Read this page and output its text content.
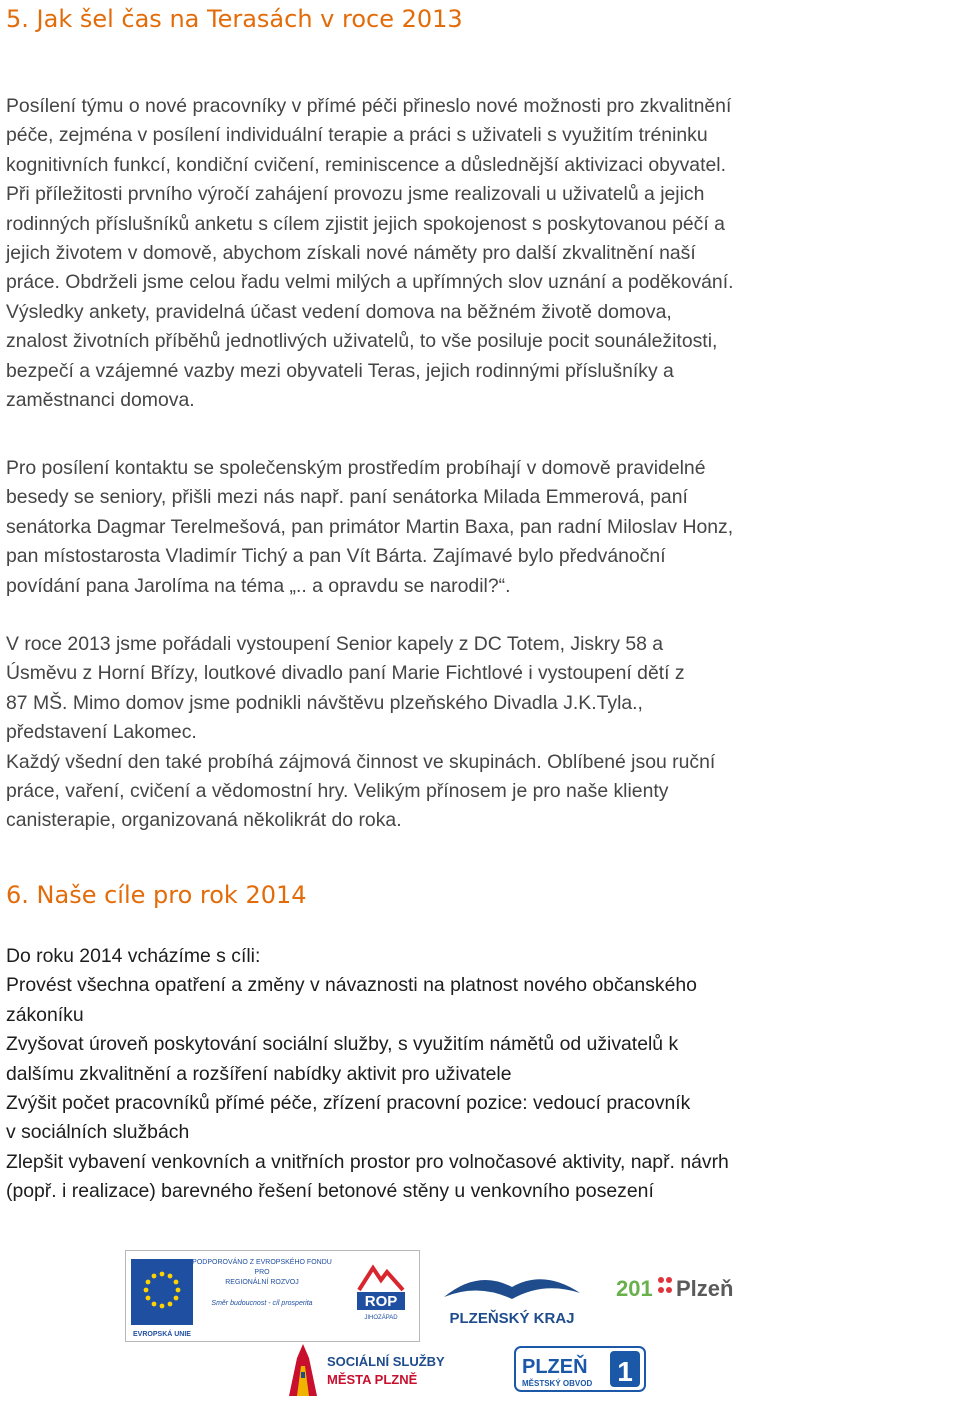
5. Jak šel čas na Terasách v roce 2013
Posílení týmu o nové pracovníky v přímé péči přineslo nové možnosti pro zkvalitnění
péče, zejména v posílení individuální terapie a práci s uživateli s využitím tréninku
kognitivních funkcí, kondiční cvičení, reminiscence a důslednější aktivizaci obyvatel.
Při příležitosti prvního výročí zahájení provozu jsme realizovali u uživatelů a jejich
rodinných příslušníků anketu s cílem zjistit jejich spokojenost s poskytovanou péčí a
jejich životem v domově, abychom získali nové náměty pro další zkvalitnění naší
práce. Obdrželi jsme celou řadu velmi milých a upřímných slov uznání a poděkování.
Výsledky ankety, pravidelná účast vedení domova na běžném životě domova,
znalost životních příběhů jednotlivých uživatelů, to vše posiluje pocit sounáležitosti,
bezpečí a vzájemné vazby mezi obyvateli Teras, jejich rodinnými příslušníky a
zaměstnanci domova.
Pro posílení kontaktu se společenským prostředím probíhají v domově pravidelné
besedy se seniory, přišli mezi nás např. paní senátorka Milada Emmerová, paní
senátorka Dagmar Terelmešová, pan primátor Martin Baxa, pan radní Miloslav Honz,
pan místostarosta Vladimír Tichý a pan Vít Bárta. Zajímavé bylo předvánoční
povídání pana Jarolíma na téma „.. a opravdu se narodil?“.
V roce 2013 jsme pořádali vystoupení Senior kapely z DC Totem, Jiskry 58 a
Úsměvu z Horní Břízy, loutkové divadlo paní Marie Fichtlové i vystoupení dětí z
87 MŠ. Mimo domov jsme podnikli návštěvu plzeňského Divadla J.K.Tyla.,
představení Lakomec.
Každý všední den také probíhá zájmová činnost ve skupinách. Oblíbené jsou ruční
práce, vaření, cvičení a vědomostní hry. Velikým přínosem je pro naše klienty
canisterapie, organizovaná několikrát do roka.
6. Naše cíle pro rok 2014
Do roku 2014 vcházíme s cíli:
Provést všechna opatření a změny v návaznosti na platnost nového občanského
zákoníku
Zvyšovat úroveň poskytování sociální služby, s využitím námětů od uživatelů k
dalšímu zkvalitnění a rozšíření nabídky aktivit pro uživatele
Zvýšit počet pracovníků přímé péče, zřízení pracovní pozice: vedoucí pracovník
v sociálních službách
Zlepšit vybavení venkovních a vnitřních prostor pro volnočasové aktivity, např. návrh
(popř. i realizace) barevného řešení betonové stěny u venkovního posezení
EVROPSKÁ UNIE
PODPOROVÁNO Z EVROPSKÉHO FONDU
PRO
REGIONÁLNÍ ROZVOJ
Směr budoucnost - cíl prosperita	ROP
JIHOZÁPAD	PLZEŇSKÝ KRAJ
201 Plzeň
SOCIÁLNÍ SLUŽBY
MĚSTA PLZNĚ
PLZEŇ 1
MĚSTSKÝ OBVOD
